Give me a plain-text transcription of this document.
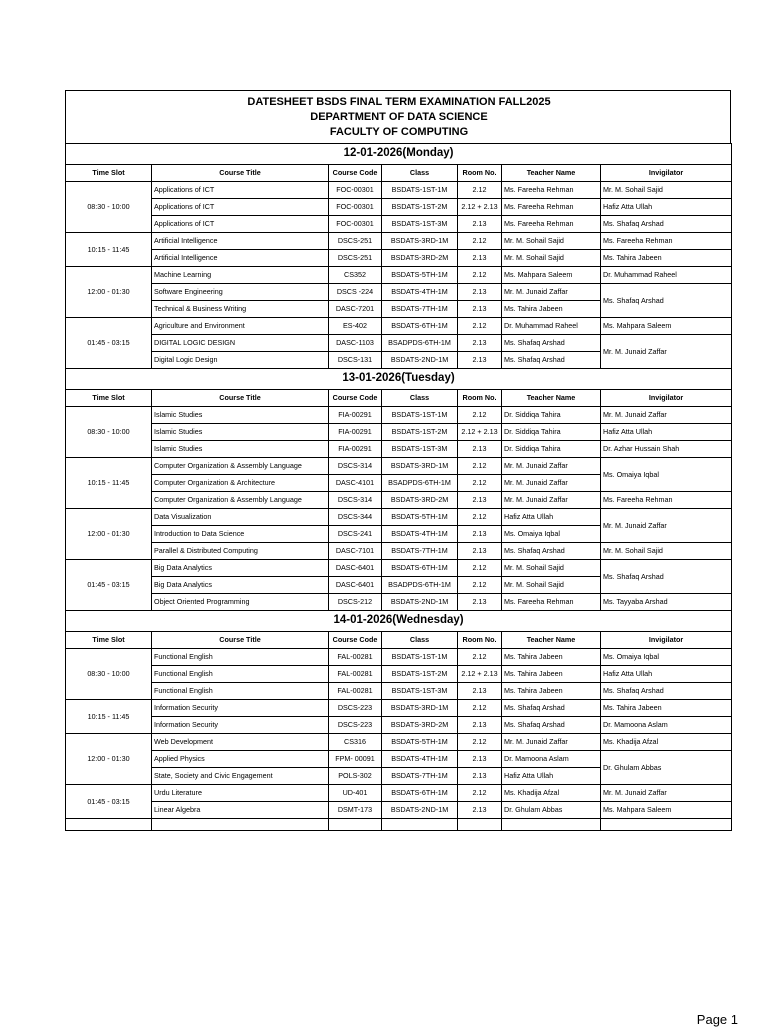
DATESHEET BSDS FINAL TERM EXAMINATION FALL2025
DEPARTMENT OF DATA SCIENCE
FACULTY OF COMPUTING
12-01-2026(Monday)						
Time Slot	Course Title	Course Code	Class	Room No.	Teacher Name	Invigilator
08:30 - 10:00	Applications of ICT	FOC-00301	BSDATS-1ST-1M	2.12	Ms. Fareeha Rehman	Mr. M. Sohail Sajid
	Applications of ICT	FOC-00301	BSDATS-1ST-2M	2.12 + 2.13	Ms. Fareeha Rehman	Hafiz Atta Ullah
	Applications of ICT	FOC-00301	BSDATS-1ST-3M	2.13	Ms. Fareeha Rehman	Ms. Shafaq Arshad
10:15 - 11:45	Artificial Intelligence	DSCS-251	BSDATS-3RD-1M	2.12	Mr. M. Sohail Sajid	Ms. Fareeha Rehman
	Artificial Intelligence	DSCS-251	BSDATS-3RD-2M	2.13	Mr. M. Sohail Sajid	Ms. Tahira Jabeen
12:00 - 01:30	Machine Learning	CS352	BSDATS-5TH-1M	2.12	Ms. Mahpara Saleem	Dr. Muhammad Raheel
	Software Engineering	DSCS -224	BSDATS-4TH-1M	2.13	Mr. M. Junaid Zaffar	Ms. Shafaq Arshad
	Technical & Business Writing	DASC-7201	BSDATS-7TH-1M	2.13	Ms. Tahira Jabeen	
01:45 - 03:15	Agriculture and Environment	ES-402	BSDATS-6TH-1M	2.12	Dr. Muhammad Raheel	Ms. Mahpara Saleem
	DIGITAL LOGIC DESIGN	DASC-1103	BSADPDS-6TH-1M	2.13	Ms. Shafaq Arshad	Mr. M. Junaid Zaffar
	Digital Logic Design	DSCS-131	BSDATS-2ND-1M	2.13	Ms. Shafaq Arshad	
13-01-2026(Tuesday)						
Time Slot	Course Title	Course Code	Class	Room No.	Teacher Name	Invigilator
08:30 - 10:00	Islamic Studies	FIA-00291	BSDATS-1ST-1M	2.12	Dr. Siddiqa Tahira	Mr. M. Junaid Zaffar
	Islamic Studies	FIA-00291	BSDATS-1ST-2M	2.12 + 2.13	Dr. Siddiqa Tahira	Hafiz Atta Ullah
	Islamic Studies	FIA-00291	BSDATS-1ST-3M	2.13	Dr. Siddiqa Tahira	Dr. Azhar Hussain Shah
10:15 - 11:45	Computer Organization & Assembly Language	DSCS-314	BSDATS-3RD-1M	2.12	Mr. M. Junaid Zaffar	Ms. Omaiya Iqbal
	Computer Organization & Architecture	DASC-4101	BSADPDS-6TH-1M	2.12	Mr. M. Junaid Zaffar	
	Computer Organization & Assembly Language	DSCS-314	BSDATS-3RD-2M	2.13	Mr. M. Junaid Zaffar	Ms. Fareeha Rehman
12:00 - 01:30	Data Visualization	DSCS-344	BSDATS-5TH-1M	2.12	Hafiz Atta Ullah	Mr. M. Junaid Zaffar
	Introduction to Data Science	DSCS-241	BSDATS-4TH-1M	2.13	Ms. Omaiya Iqbal	
	Parallel & Distributed Computing	DASC-7101	BSDATS-7TH-1M	2.13	Ms. Shafaq Arshad	Mr. M. Sohail Sajid
01:45 - 03:15	Big Data Analytics	DASC-6401	BSDATS-6TH-1M	2.12	Mr. M. Sohail Sajid	Ms. Shafaq Arshad
	Big Data Analytics	DASC-6401	BSADPDS-6TH-1M	2.12	Mr. M. Sohail Sajid	
	Object Oriented Programming	DSCS-212	BSDATS-2ND-1M	2.13	Ms. Fareeha Rehman	Ms. Tayyaba Arshad
14-01-2026(Wednesday)						
Time Slot	Course Title	Course Code	Class	Room No.	Teacher Name	Invigilator
08:30 - 10:00	Functional English	FAL-00281	BSDATS-1ST-1M	2.12	Ms. Tahira Jabeen	Ms. Omaiya Iqbal
	Functional English	FAL-00281	BSDATS-1ST-2M	2.12 + 2.13	Ms. Tahira Jabeen	Hafiz Atta Ullah
	Functional English	FAL-00281	BSDATS-1ST-3M	2.13	Ms. Tahira Jabeen	Ms. Shafaq Arshad
10:15 - 11:45	Information Security	DSCS-223	BSDATS-3RD-1M	2.12	Ms. Shafaq Arshad	Ms. Tahira Jabeen
	Information Security	DSCS-223	BSDATS-3RD-2M	2.13	Ms. Shafaq Arshad	Dr. Mamoona Aslam
12:00 - 01:30	Web Development	CS316	BSDATS-5TH-1M	2.12	Mr. M. Junaid Zaffar	Ms. Khadija Afzal
	Applied Physics	FPM- 00091	BSDATS-4TH-1M	2.13	Dr. Mamoona Aslam	Dr. Ghulam Abbas
	State, Society and Civic Engagement	POLS-302	BSDATS-7TH-1M	2.13	Hafiz Atta Ullah	
01:45 - 03:15	Urdu Literature	UD-401	BSDATS-6TH-1M	2.12	Ms. Khadija Afzal	Mr. M. Junaid Zaffar
	Linear Algebra	DSMT-173	BSDATS-2ND-1M	2.13	Dr. Ghulam Abbas	Ms. Mahpara Saleem

Page 1
